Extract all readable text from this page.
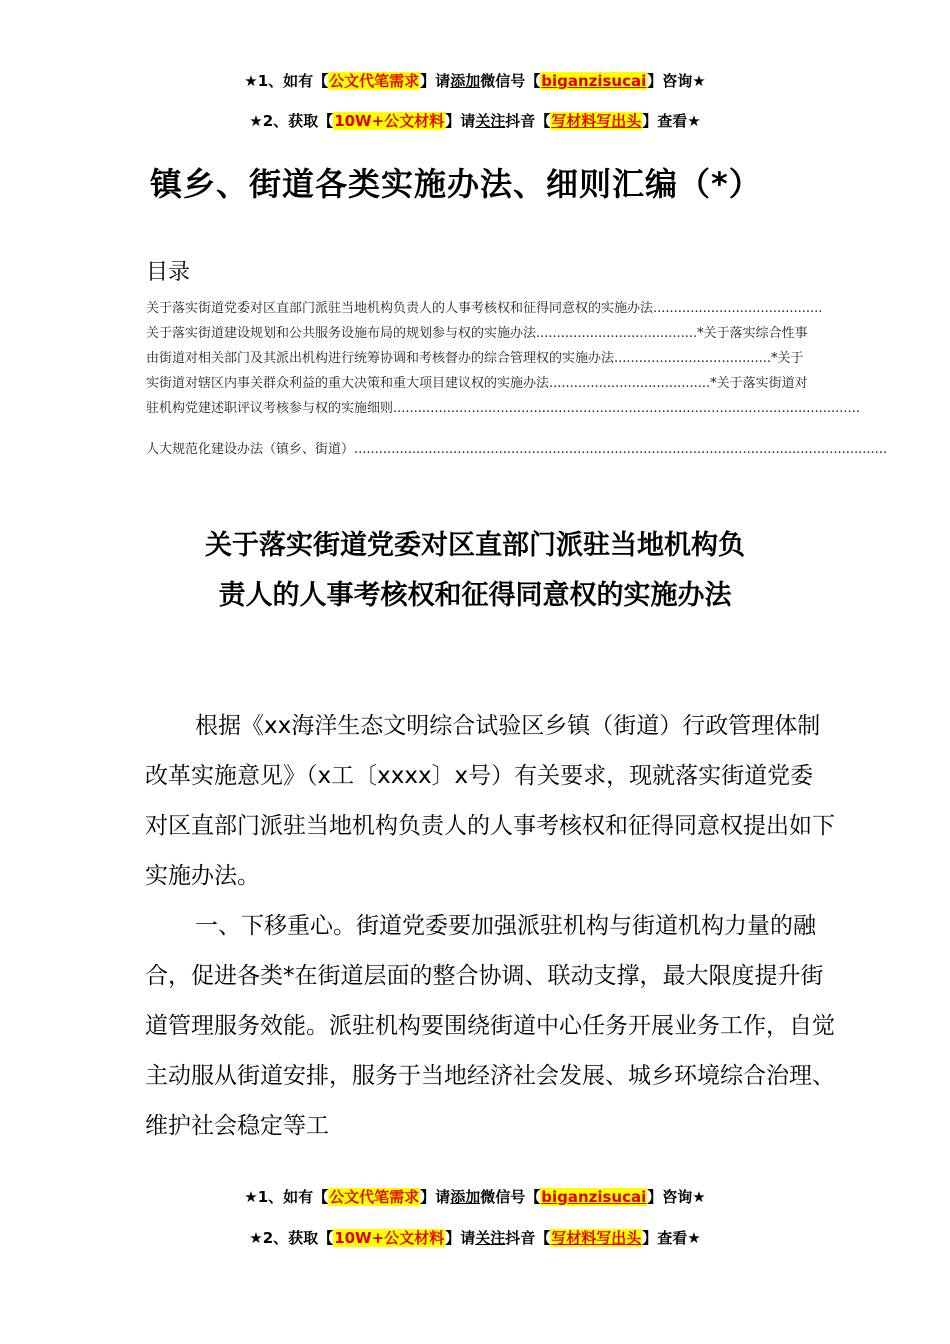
★1、如有【公文代笔需求】请添加微信号【biganzisucai】咨询★
★2、获取【10W+公文材料】请关注抖音【写材料写出头】查看★
镇乡、街道各类实施办法、细则汇编（*）
目录
关于落实街道党委对区直部门派驻当地机构负责人的人事考核权和征得同意权的实施办法.........................................
关于落实街道建设规划和公共服务设施布局的规划参与权的实施办法.......................................*关于落实综合性事
由街道对相关部门及其派出机构进行统筹协调和考核督办的综合管理权的实施办法......................................*关于
实街道对辖区内事关群众利益的重大决策和重大项目建议权的实施办法.......................................*关于落实街道对
驻机构党建述职评议考核参与权的实施细则.................................................................................................................
人大规范化建设办法（镇乡、街道）.................................................................................................................................
关于落实街道党委对区直部门派驻当地机构负
责人的人事考核权和征得同意权的实施办法

根据《xx海洋生态文明综合试验区乡镇（街道）行政管理体制改革实施意见》（x工〔xxxx〕x号）有关要求，现就落实街道党委对区直部门派驻当地机构负责人的人事考核权和征得同意权提出如下实施办法。

一、下移重心。街道党委要加强派驻机构与街道机构力量的融合，促进各类*在街道层面的整合协调、联动支撑，最大限度提升街道管理服务效能。派驻机构要围绕街道中心任务开展业务工作，自觉主动服从街道安排，服务于当地经济社会发展、城乡环境综合治理、维护社会稳定等工

★1、如有【公文代笔需求】请添加微信号【biganzisucai】咨询★
★2、获取【10W+公文材料】请关注抖音【写材料写出头】查看★
